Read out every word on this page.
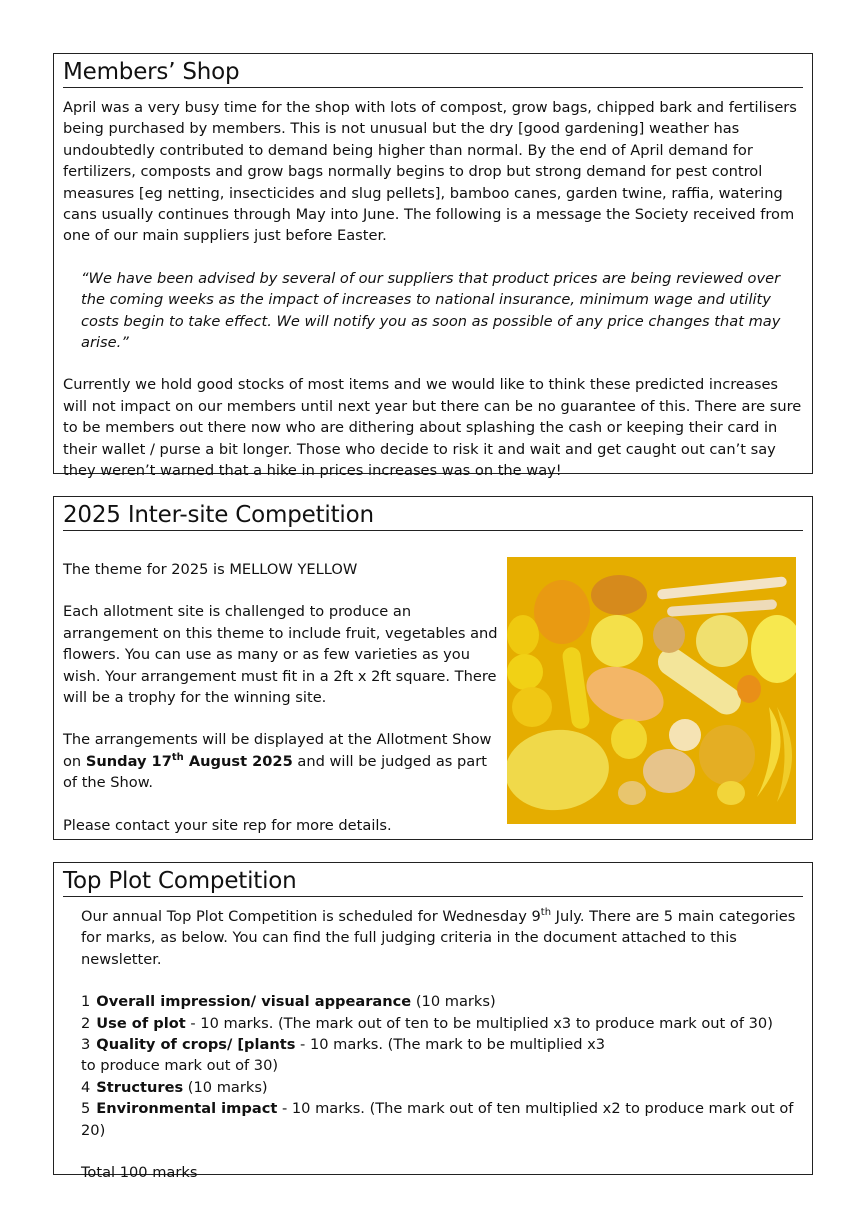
Members’ Shop

April was a very busy time for the shop with lots of compost, grow bags, chipped bark and fertilisers being purchased by members. This is not unusual but the dry [good gardening] weather has undoubtedly contributed to demand being higher than normal. By the end of April demand for fertilizers, composts and grow bags normally begins to drop but strong demand for pest control measures [eg netting, insecticides and slug pellets], bamboo canes, garden twine, raffia, watering cans usually continues through May into June. The following is a message the Society received from one of our main suppliers just before Easter.

“We have been advised by several of our suppliers that product prices are being reviewed over the coming weeks as the impact of increases to national insurance, minimum wage and utility costs begin to take effect. We will notify you as soon as possible of any price changes that may arise.”

Currently we hold good stocks of most items and we would like to think these predicted increases will not impact on our members until next year but there can be no guarantee of this. There are sure to be members out there now who are dithering about splashing the cash or keeping their card in their wallet / purse a bit longer. Those who decide to risk it and wait and get caught out can’t say they weren’t warned that a hike in prices increases was on the way!

2025 Inter-site Competition

The theme for 2025 is MELLOW YELLOW

Each allotment site is challenged to produce an arrangement on this theme to include fruit, vegetables and flowers. You can use as many or as few varieties as you wish. Your arrangement must fit in a 2ft x 2ft square. There will be a trophy for the winning site.

The arrangements will be displayed at the Allotment Show on Sunday 17th August 2025 and will be judged as part of the Show.

Please contact your site rep for more details.

Top Plot Competition

Our annual Top Plot Competition is scheduled for Wednesday 9th July. There are 5 main categories for marks, as below. You can find the full judging criteria in the document attached to this newsletter.

1 Overall impression/ visual appearance (10 marks)
2 Use of plot - 10 marks. (The mark out of ten to be multiplied x3 to produce mark out of 30)
3 Quality of crops/ [plants - 10 marks. (The mark to be multiplied x3
to produce mark out of 30)
4 Structures (10 marks)
5 Environmental impact - 10 marks. (The mark out of ten multiplied x2 to produce mark out of 20)

Total 100 marks
